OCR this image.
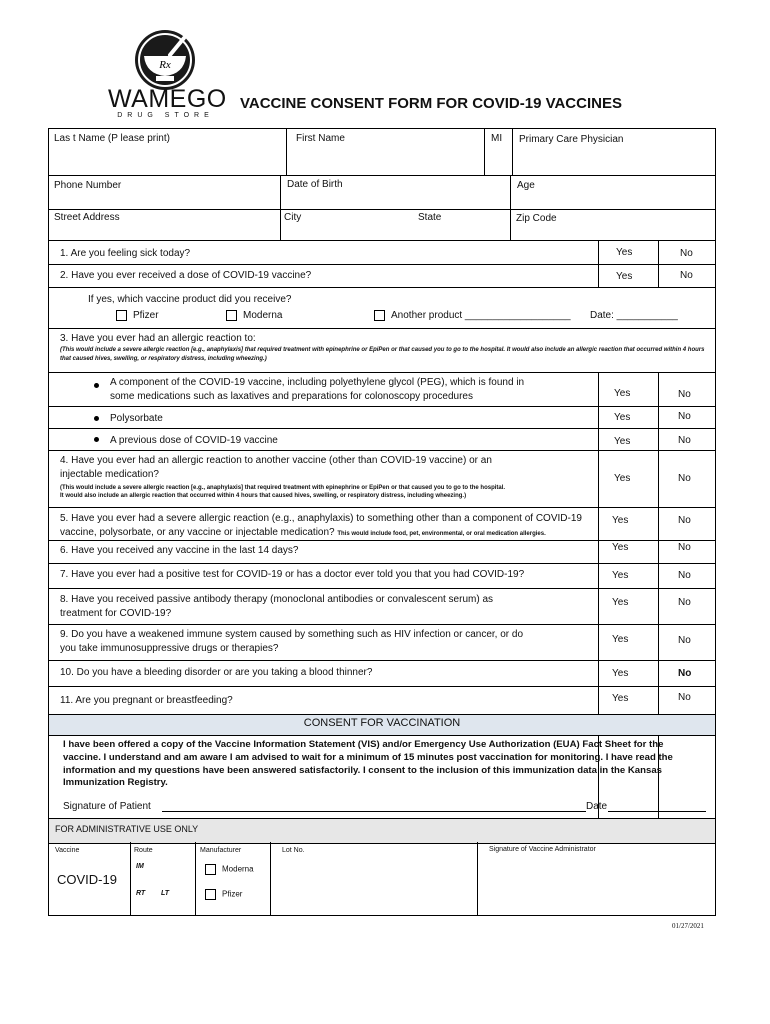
Rx
WAMEGO
DRUG STORE
VACCINE CONSENT FORM FOR COVID-19 VACCINES
Las t Name (P lease print)	First Name	MI Primary Care Physician
Phone Number	Date of Birth	Age
Street Address	City	State	Zip Code
1. Are you feeling sick today?	Yes	No
2. Have you ever received a dose of COVID-19 vaccine?	Yes	No
If yes, which vaccine product did you receive?
Pfizer	Moderna	Another product ___________________ Date: ___________
3. Have you ever had an allergic reaction to:
(This would include a severe allergic reaction [e.g., anaphylaxis] that required treatment with epinephrine or EpiPen or that caused you to go to the hospital. It would also include an allergic reaction that occurred within 4 hours that caused hives, swelling, or respiratory distress, including wheezing.)
A component of the COVID-19 vaccine, including polyethylene glycol (PEG), which is found in
some medications such as laxatives and preparations for colonoscopy procedures	Yes	No
Polysorbate	Yes	No
A previous dose of COVID-19 vaccine	Yes	No
4. Have you ever had an allergic reaction to another vaccine (other than COVID-19 vaccine) or an
injectable medication?
(This would include a severe allergic reaction [e.g., anaphylaxis] that required treatment with epinephrine or EpiPen or that caused you to go to the hospital.
It would also include an allergic reaction that occurred within 4 hours that caused hives, swelling, or respiratory distress, including wheezing.)
Yes	No
5. Have you ever had a severe allergic reaction (e.g., anaphylaxis) to something other than a component of COVID-19
vaccine, polysorbate, or any vaccine or injectable medication? This would include food, pet, environmental, or oral medication allergies.
Yes	No
6. Have you received any vaccine in the last 14 days?	Yes	No
7. Have you ever had a positive test for COVID-19 or has a doctor ever told you that you had COVID-19?	Yes	No
8. Have you received passive antibody therapy (monoclonal antibodies or convalescent serum) as
treatment for COVID-19?
Yes	No
9. Do you have a weakened immune system caused by something such as HIV infection or cancer, or do
you take immunosuppressive drugs or therapies?
Yes	No
10. Do you have a bleeding disorder or are you taking a blood thinner?	Yes	No
11. Are you pregnant or breastfeeding?	Yes	No
CONSENT FOR VACCINATION
I have been offered a copy of the Vaccine Information Statement (VIS) and/or Emergency Use Authorization (EUA) Fact Sheet for the
vaccine. I understand and am aware I am advised to wait for a minimum of 15 minutes post vaccination for monitoring. I have read the
information and my questions have been answered satisfactorily. I consent to the inclusion of this immunization data in the Kansas
Immunization Registry.
Signature of Patient	Date
FOR ADMINISTRATIVE USE ONLY
Vaccine
COVID-19
Route
IM
RT LT
Manufacturer
Moderna
Pfizer
Lot No.	Signature of Vaccine Administrator
01/27/2021
